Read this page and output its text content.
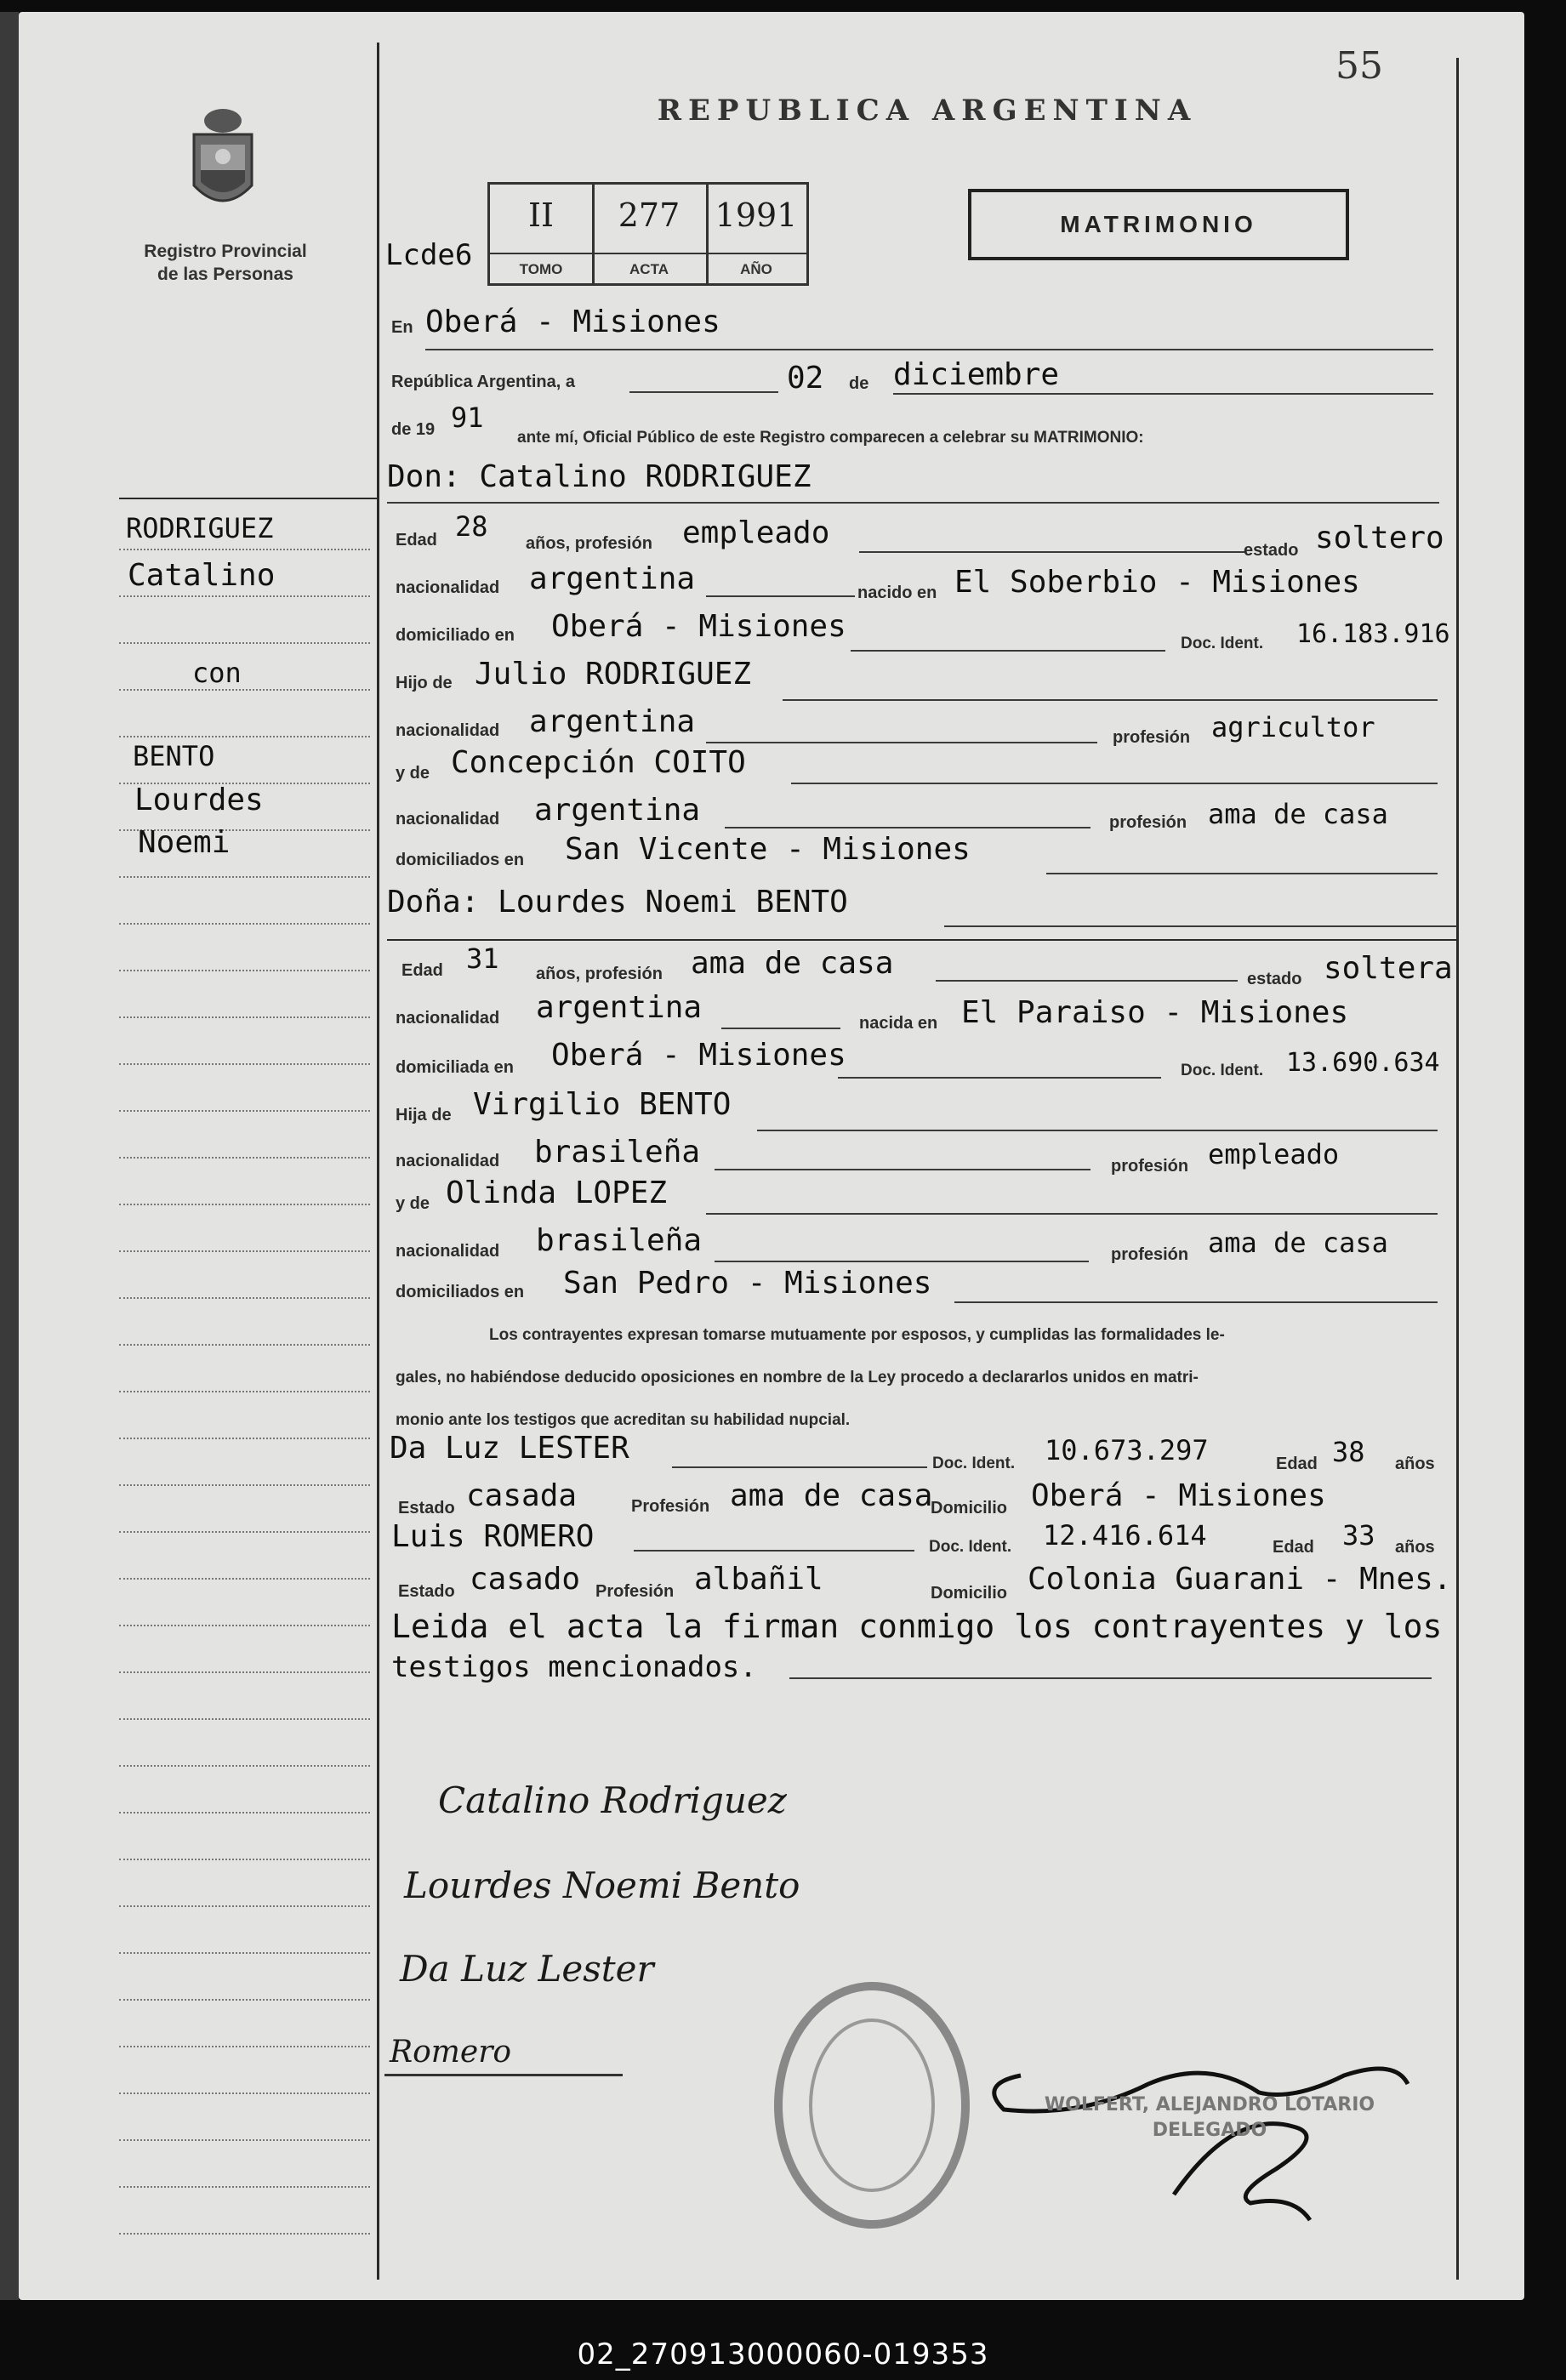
55
REPUBLICA ARGENTINA
Registro Provincial
de las Personas
Lcde6
II
TOMO
277
ACTA
1991
AÑO
MATRIMONIO
En Oberá - Misiones
República Argentina, a	02 de diciembre
de 19 91
ante mí, Oficial Público de este Registro comparecen a celebrar su MATRIMONIO:
Don: Catalino RODRIGUEZ
Edad 28
años, profesión empleado	estado soltero
nacionalidad argentina	nacido en El Soberbio - Misiones
domiciliado en Oberá - Misiones	Doc. Ident. 16.183.916
Hijo de Julio RODRIGUEZ
nacionalidad argentina	profesión agricultor
y de Concepción COITO
nacionalidad argentina	profesión ama de casa
domiciliados en San Vicente - Misiones
Doña: Lourdes Noemi BENTO
Edad 31 años, profesión ama de casa	estado soltera
nacionalidad argentina	nacida en El Paraiso - Misiones
domiciliada en Oberá - Misiones	Doc. Ident. 13.690.634
Hija de Virgilio BENTO
nacionalidad brasileña	profesión empleado
y de Olinda LOPEZ
nacionalidad brasileña	profesión ama de casa
domiciliados en San Pedro - Misiones
Los contrayentes expresan tomarse mutuamente por esposos, y cumplidas las formalidades le-
gales, no habiéndose deducido oposiciones en nombre de la Ley procedo a declararlos unidos en matri-
monio ante los testigos que acreditan su habilidad nupcial.
Da Luz LESTER	Doc. Ident. 10.673.297	Edad 38 años
Estado casada	Profesión ama de casa
Domicilio Oberá - Misiones
Luis ROMERO	Doc. Ident. 12.416.614	Edad 33 años
Estado casado Profesión albañil	Domicilio Colonia Guarani - Mnes.
Leida el acta la firman conmigo los contrayentes y los
testigos mencionados.
RODRIGUEZ
Catalino
con
BENTO
Lourdes
Noemi
Catalino Rodriguez
Lourdes Noemi Bento
Da Luz Lester
Romero
WOLFERT, ALEJANDRO LOTARIO
DELEGADO
02_270913000060-019353
